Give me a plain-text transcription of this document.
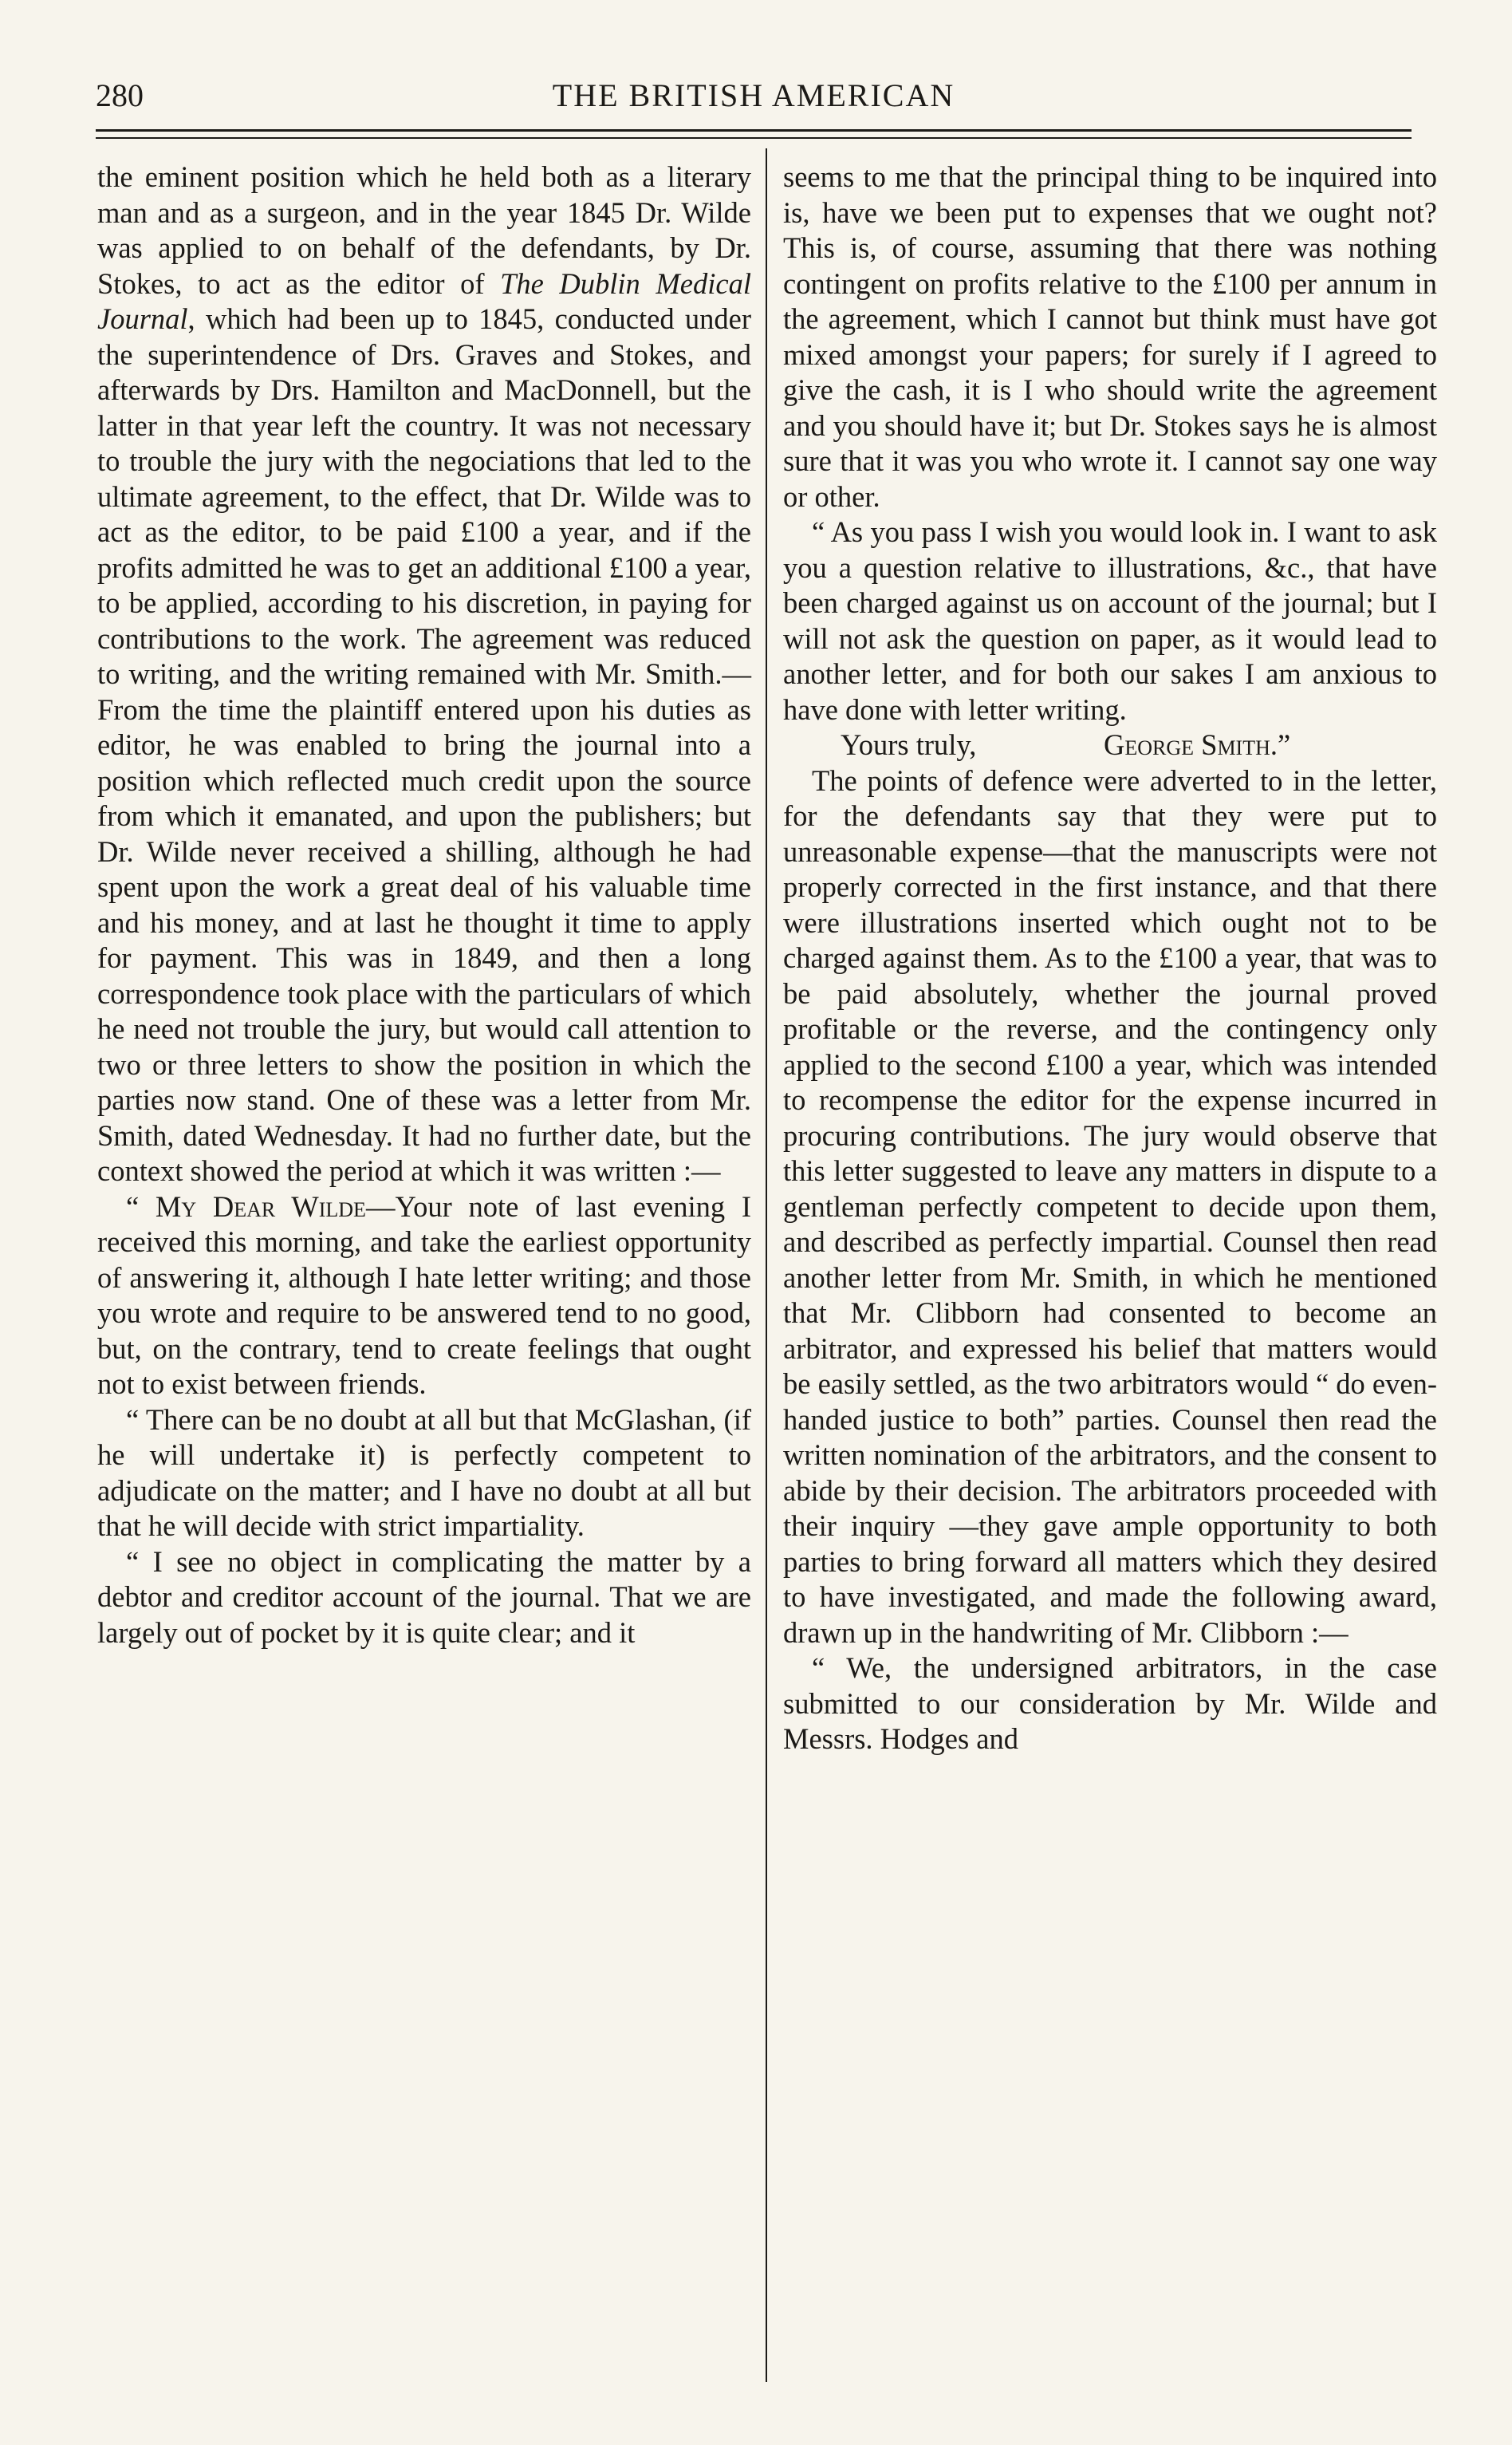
280	THE BRITISH AMERICAN

the eminent position which he held both as a literary man and as a surgeon, and in the year 1845 Dr. Wilde was applied to on behalf of the defendants, by Dr. Stokes, to act as the editor of The Dublin Medical Journal, which had been up to 1845, conducted under the superintendence of Drs. Graves and Stokes, and afterwards by Drs. Hamilton and MacDonnell, but the latter in that year left the country. It was not necessary to trouble the jury with the negociations that led to the ultimate agreement, to the effect, that Dr. Wilde was to act as the editor, to be paid £100 a year, and if the profits admitted he was to get an additional £100 a year, to be applied, according to his discretion, in paying for contributions to the work. The agreement was reduced to writing, and the writing remained with Mr. Smith.—From the time the plaintiff entered upon his duties as editor, he was enabled to bring the journal into a position which reflected much credit upon the source from which it emanated, and upon the publishers; but Dr. Wilde never received a shilling, although he had spent upon the work a great deal of his valuable time and his money, and at last he thought it time to apply for payment. This was in 1849, and then a long correspondence took place with the particulars of which he need not trouble the jury, but would call attention to two or three letters to show the position in which the parties now stand. One of these was a letter from Mr. Smith, dated Wednesday. It had no further date, but the context showed the period at which it was written :—

“ My Dear Wilde—Your note of last evening I received this morning, and take the earliest opportunity of answering it, although I hate letter writing; and those you wrote and require to be answered tend to no good, but, on the contrary, tend to create feelings that ought not to exist between friends.

“ There can be no doubt at all but that McGlashan, (if he will undertake it) is perfectly competent to adjudicate on the matter; and I have no doubt at all but that he will decide with strict impartiality.

“ I see no object in complicating the matter by a debtor and creditor account of the journal. That we are largely out of pocket by it is quite clear; and it

seems to me that the principal thing to be inquired into is, have we been put to expenses that we ought not? This is, of course, assuming that there was nothing contingent on profits relative to the £100 per annum in the agreement, which I cannot but think must have got mixed amongst your papers; for surely if I agreed to give the cash, it is I who should write the agreement and you should have it; but Dr. Stokes says he is almost sure that it was you who wrote it. I cannot say one way or other.

“ As you pass I wish you would look in. I want to ask you a question relative to illustrations, &c., that have been charged against us on account of the journal; but I will not ask the question on paper, as it would lead to another letter, and for both our sakes I am anxious to have done with letter writing.

Yours truly,	George Smith.”

The points of defence were adverted to in the letter, for the defendants say that they were put to unreasonable expense—that the manuscripts were not properly corrected in the first instance, and that there were illustrations inserted which ought not to be charged against them. As to the £100 a year, that was to be paid absolutely, whether the journal proved profitable or the reverse, and the contingency only applied to the second £100 a year, which was intended to recompense the editor for the expense incurred in procuring contributions. The jury would observe that this letter suggested to leave any matters in dispute to a gentleman perfectly competent to decide upon them, and described as perfectly impartial. Counsel then read another letter from Mr. Smith, in which he mentioned that Mr. Clibborn had consented to become an arbitrator, and expressed his belief that matters would be easily settled, as the two arbitrators would “ do even-handed justice to both” parties. Counsel then read the written nomination of the arbitrators, and the consent to abide by their decision. The arbitrators proceeded with their inquiry —they gave ample opportunity to both parties to bring forward all matters which they desired to have investigated, and made the following award, drawn up in the handwriting of Mr. Clibborn :—

“ We, the undersigned arbitrators, in the case submitted to our consideration by Mr. Wilde and Messrs. Hodges and
